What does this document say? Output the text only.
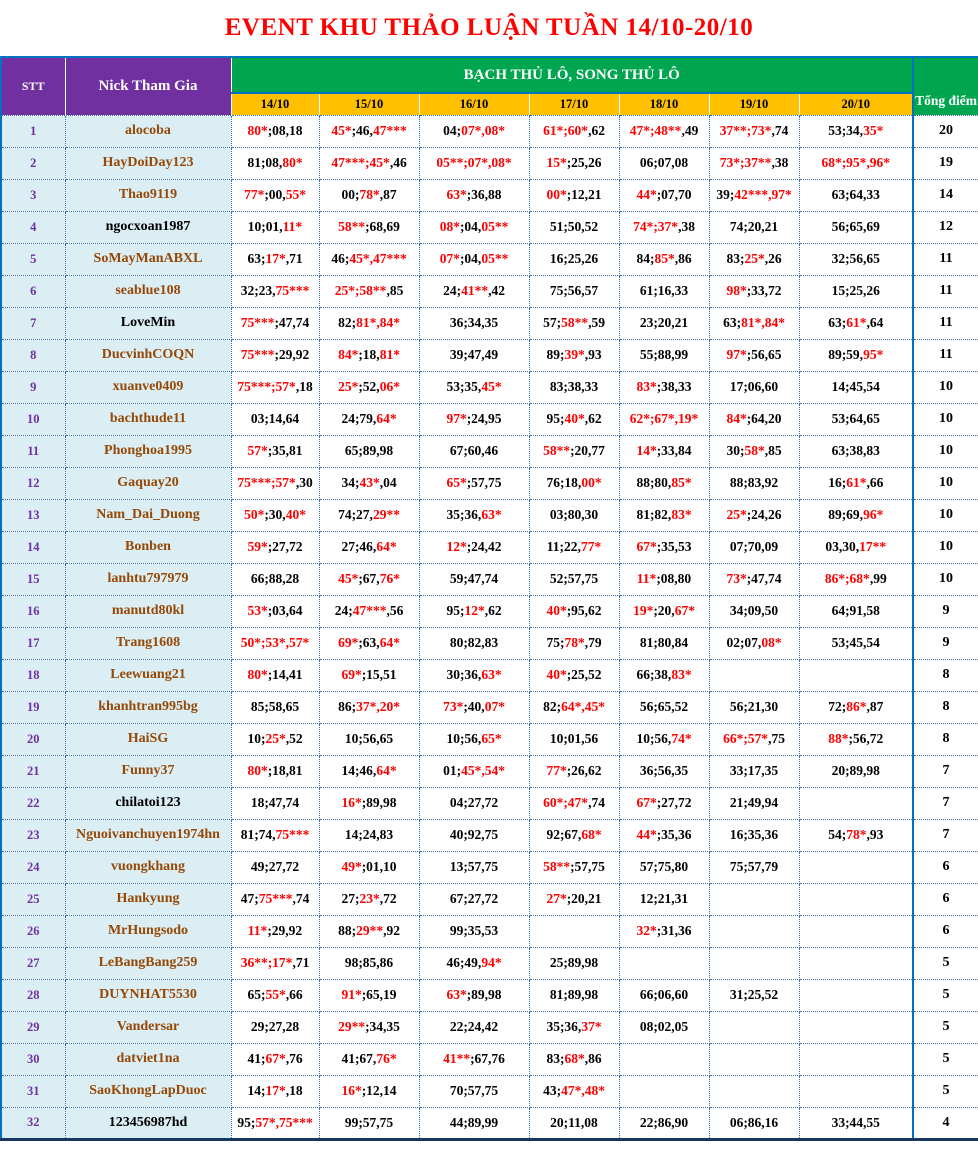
EVENT KHU THẢO LUẬN TUẦN 14/10-20/10
STT	Nick Tham Gia	BẠCH THỦ LÔ, SONG THỦ LÔ							Tổng điểm
		14/10	15/10	16/10	17/10	18/10	19/10	20/10	
1	alocoba	80*;08,18	45*;46,47***	04;07*,08*	61*;60*,62	47*;48**,49	37**;73*,74	53;34,35*	20
2	HayDoiDay123	81;08,80*	47***;45*,46	05**;07*,08*	15*;25,26	06;07,08	73*;37**,38	68*;95*,96*	19
3	Thao9119	77*;00,55*	00;78*,87	63*;36,88	00*;12,21	44*;07,70	39;42***,97*	63;64,33	14
4	ngocxoan1987	10;01,11*	58**;68,69	08*;04,05**	51;50,52	74*;37*,38	74;20,21	56;65,69	12
5	SoMayManABXL	63;17*,71	46;45*,47***	07*;04,05**	16;25,26	84;85*,86	83;25*,26	32;56,65	11
6	seablue108	32;23,75***	25*;58**,85	24;41**,42	75;56,57	61;16,33	98*;33,72	15;25,26	11
7	LoveMin	75***;47,74	82;81*,84*	36;34,35	57;58**,59	23;20,21	63;81*,84*	63;61*,64	11
8	DucvinhCOQN	75***;29,92	84*;18,81*	39;47,49	89;39*,93	55;88,99	97*;56,65	89;59,95*	11
9	xuanve0409	75***;57*,18	25*;52,06*	53;35,45*	83;38,33	83*;38,33	17;06,60	14;45,54	10
10	bachthude11	03;14,64	24;79,64*	97*;24,95	95;40*,62	62*;67*,19*	84*;64,20	53;64,65	10
11	Phonghoa1995	57*;35,81	65;89,98	67;60,46	58**;20,77	14*;33,84	30;58*,85	63;38,83	10
12	Gaquay20	75***;57*,30	34;43*,04	65*;57,75	76;18,00*	88;80,85*	88;83,92	16;61*,66	10
13	Nam_Dai_Duong	50*;30,40*	74;27,29**	35;36,63*	03;80,30	81;82,83*	25*;24,26	89;69,96*	10
14	Bonben	59*;27,72	27;46,64*	12*;24,42	11;22,77*	67*;35,53	07;70,09	03,30,17**	10
15	lanhtu797979	66;88,28	45*;67,76*	59;47,74	52;57,75	11*;08,80	73*;47,74	86*;68*,99	10
16	manutd80kl	53*;03,64	24;47***,56	95;12*,62	40*;95,62	19*;20,67*	34;09,50	64;91,58	9
17	Trang1608	50*;53*,57*	69*;63,64*	80;82,83	75;78*,79	81;80,84	02;07,08*	53;45,54	9
18	Leewuang21	80*;14,41	69*;15,51	30;36,63*	40*;25,52	66;38,83*			8
19	khanhtran995bg	85;58,65	86;37*,20*	73*;40,07*	82;64*,45*	56;65,52	56;21,30	72;86*,87	8
20	HaiSG	10;25*,52	10;56,65	10;56,65*	10;01,56	10;56,74*	66*;57*,75	88*;56,72	8
21	Funny37	80*;18,81	14;46,64*	01;45*,54*	77*;26,62	36;56,35	33;17,35	20;89,98	7
22	chilatoi123	18;47,74	16*;89,98	04;27,72	60*;47*,74	67*;27,72	21;49,94		7
23	Nguoivanchuyen1974hn	81;74,75***	14;24,83	40;92,75	92;67,68*	44*;35,36	16;35,36	54;78*,93	7
24	vuongkhang	49;27,72	49*;01,10	13;57,75	58**;57,75	57;75,80	75;57,79		6
25	Hankyung	47;75***,74	27;23*,72	67;27,72	27*;20,21	12;21,31			6
26	MrHungsodo	11*;29,92	88;29**,92	99;35,53		32*;31,36			6
27	LeBangBang259	36**;17*,71	98;85,86	46;49,94*	25;89,98				5
28	DUYNHAT5530	65;55*,66	91*;65,19	63*;89,98	81;89,98	66;06,60	31;25,52		5
29	Vandersar	29;27,28	29**;34,35	22;24,42	35;36,37*	08;02,05			5
30	datviet1na	41;67*,76	41;67,76*	41**;67,76	83;68*,86				5
31	SaoKhongLapDuoc	14;17*,18	16*;12,14	70;57,75	43;47*,48*				5
32	123456987hd	95;57*,75***	99;57,75	44;89,99	20;11,08	22;86,90	06;86,16	33;44,55	4
